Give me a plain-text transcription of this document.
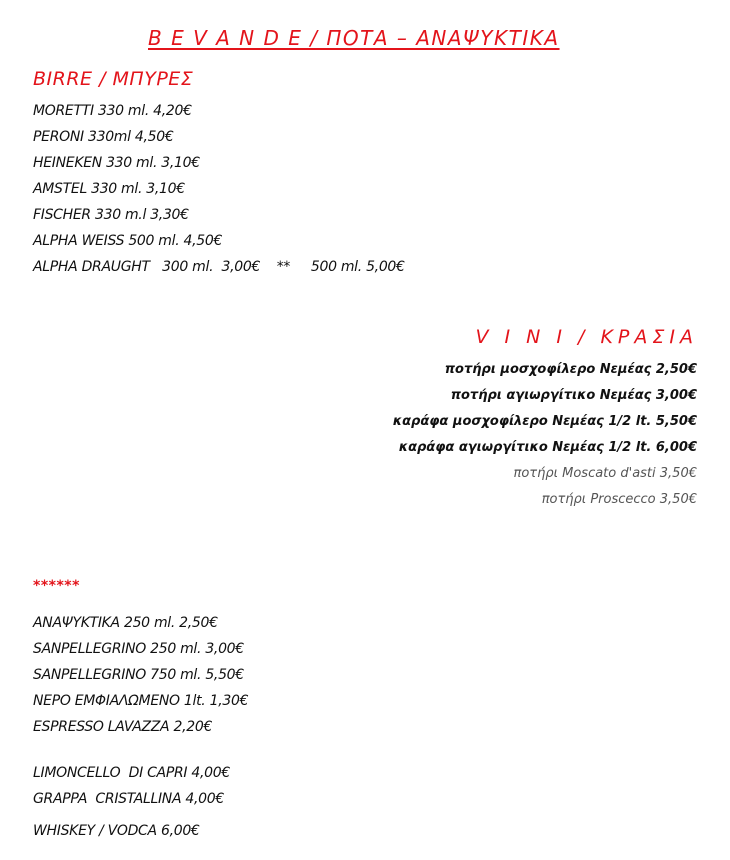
B E V A N D E / ΠΟΤΑ – ΑΝΑΨΥΚΤΙΚΑ
BIRRE / ΜΠΥΡΕΣ
MORETTI 330 ml. 4,20€
PERONI 330ml 4,50€
HEINEKEN 330 ml. 3,10€
AMSTEL 330 ml. 3,10€
FISCHER 330 m.l 3,30€
ALPHA WEISS 500 ml. 4,50€
ALPHA DRAUGHT   300 ml.  3,00€    **     500 ml. 5,00€
V I N I / ΚΡΑΣΙΑ
ποτήρι μοσχοφίλερο Νεμέας 2,50€
ποτήρι αγιωργίτικο Νεμέας 3,00€
καράφα μοσχοφίλερο Νεμέας 1/2 lt. 5,50€
καράφα αγιωργίτικο Νεμέας 1/2 lt. 6,00€
ποτήρι Moscato d'asti 3,50€
ποτήρι Proscecco 3,50€
******
ΑΝΑΨΥΚΤΙΚΑ 250 ml. 2,50€
SANPELLEGRINO 250 ml. 3,00€
SANPELLEGRINO 750 ml. 5,50€
ΝΕΡΟ ΕΜΦΙΑΛΩΜΕΝΟ 1lt. 1,30€
ESPRESSO LAVAZZA 2,20€
LIMONCELLO  DI CAPRI 4,00€
GRAPPA  CRISTALLINA 4,00€
WHISKEY / VODCA 6,00€
